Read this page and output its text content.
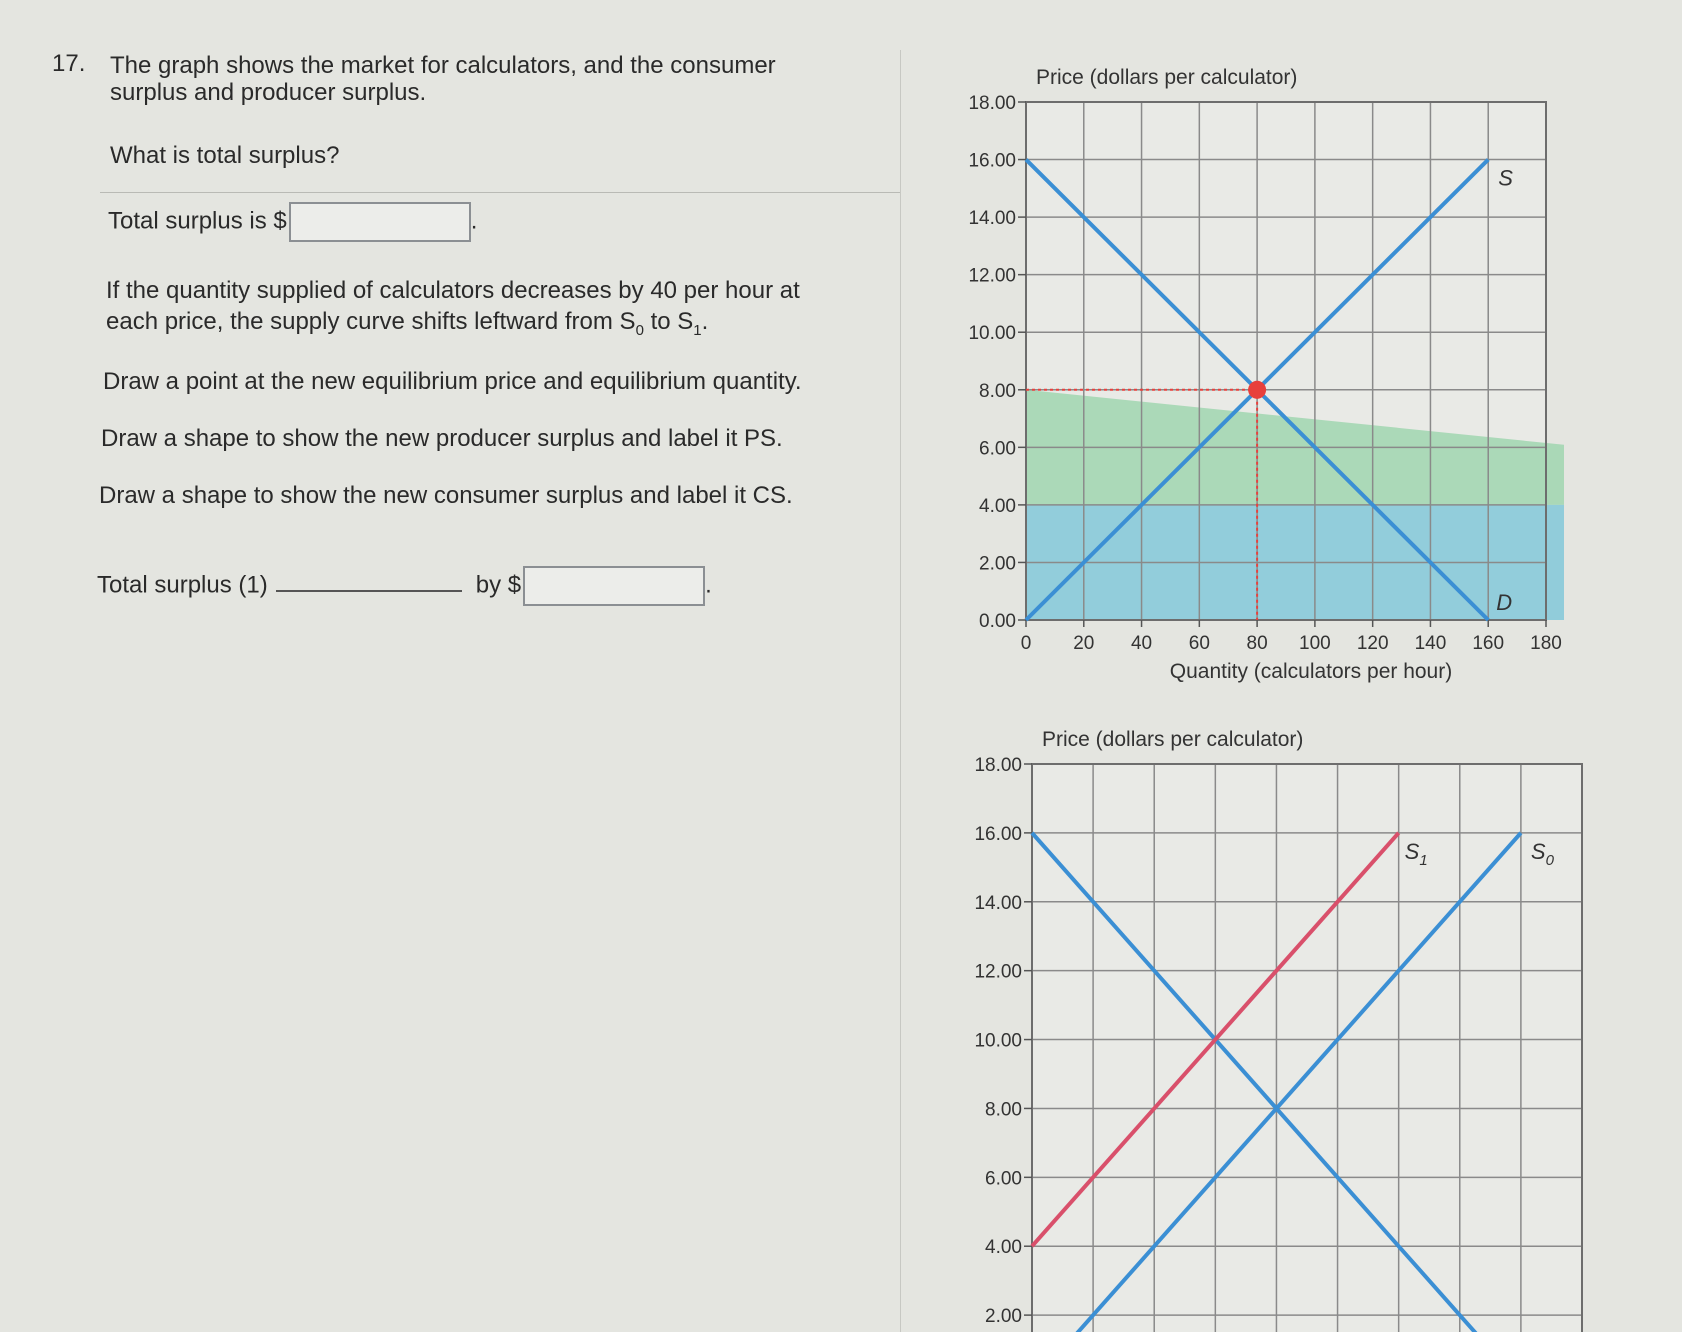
17. The graph shows the market for calculators, and the consumer
surplus and producer surplus.
What is total surplus?
Total surplus is $	.
If the quantity supplied of calculators decreases by 40 per hour at
each price, the supply curve shifts leftward from $S_0$ to $S_1$.
Draw a point at the new equilibrium price and equilibrium quantity.
Draw a shape to show the new producer surplus and label it PS.
Draw a shape to show the new consumer surplus and label it CS.
Total surplus (1)	by $	.
0.00
2.00
4.00
6.00
8.00
10.00
12.00
14.00
16.00
18.00
0 20 40 60 80 100 120 140 160 180
Price (dollars per calculator)
Quantity (calculators per hour)
D
S
2.00
4.00
6.00
8.00
10.00
12.00
14.00
16.00
18.00
Price (dollars per calculator)
$S_0$
$S_1$
